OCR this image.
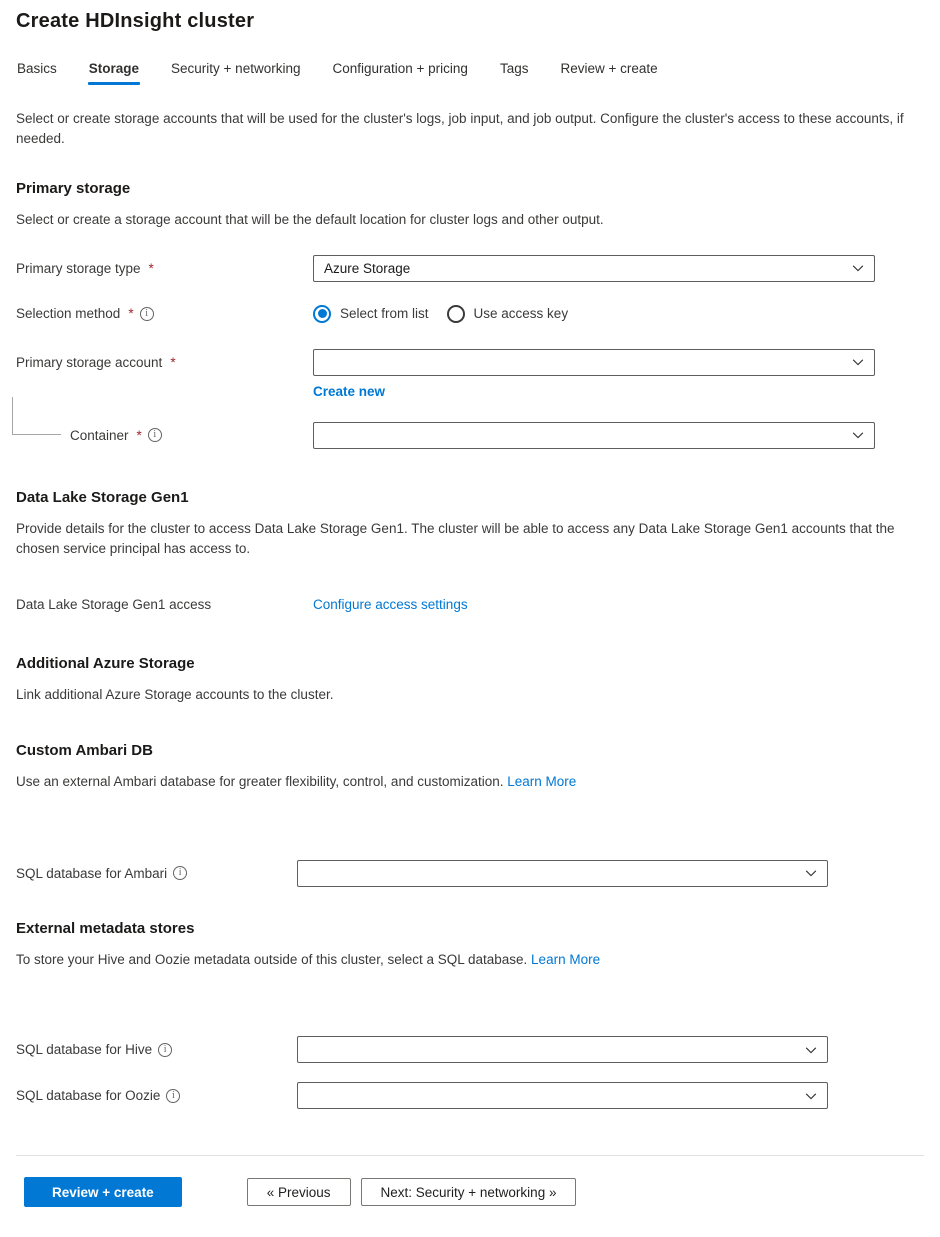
Create HDInsight cluster
Basics Storage Security + networking Configuration + pricing Tags Review + create
Select or create storage accounts that will be used for the cluster's logs, job input, and job output. Configure the cluster's access to these accounts, if needed.
Primary storage
Select or create a storage account that will be the default location for cluster logs and other output.
Primary storage type *	Azure Storage
Selection method * i	Select from list	Use access key
Primary storage account *
Create new
Container *
i
Data Lake Storage Gen1
Provide details for the cluster to access Data Lake Storage Gen1. The cluster will be able to access any Data Lake Storage Gen1 accounts that the chosen service principal has access to.
Data Lake Storage Gen1 access	Configure access settings
Additional Azure Storage
Link additional Azure Storage accounts to the cluster.
Custom Ambari DB
Use an external Ambari database for greater flexibility, control, and customization. Learn More
SQL database for Ambari
i
External metadata stores
To store your Hive and Oozie metadata outside of this cluster, select a SQL database. Learn More
SQL database for Hive
i
SQL database for Oozie
i
Review + create	« Previous	Next: Security + networking »
